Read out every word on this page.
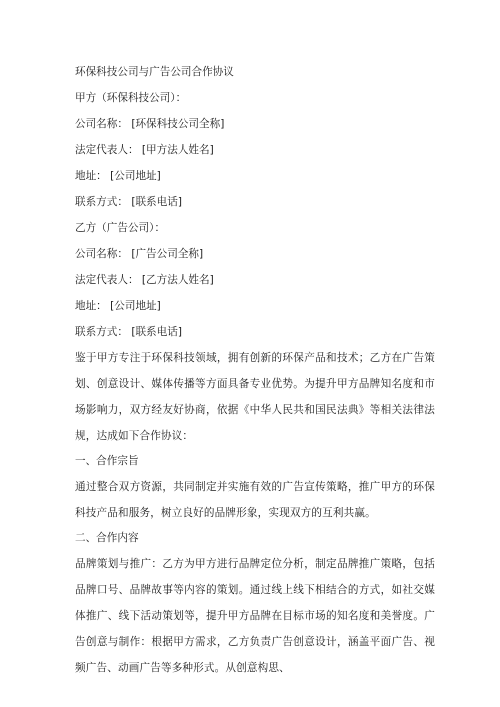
环保科技公司与广告公司合作协议
甲方（环保科技公司）：
公司名称： [环保科技公司全称]
法定代表人： [甲方法人姓名]
地址： [公司地址]
联系方式： [联系电话]
乙方（广告公司）：
公司名称： [广告公司全称]
法定代表人： [乙方法人姓名]
地址： [公司地址]
联系方式： [联系电话]

鉴于甲方专注于环保科技领域，拥有创新的环保产品和技术；乙方在广告策划、创意设计、媒体传播等方面具备专业优势。为提升甲方品牌知名度和市场影响力，双方经友好协商，依据《中华人民共和国民法典》等相关法律法规，达成如下合作协议：

一、合作宗旨

通过整合双方资源，共同制定并实施有效的广告宣传策略，推广甲方的环保科技产品和服务，树立良好的品牌形象，实现双方的互利共赢。

二、合作内容

品牌策划与推广：乙方为甲方进行品牌定位分析，制定品牌推广策略，包括品牌口号、品牌故事等内容的策划。通过线上线下相结合的方式，如社交媒体推广、线下活动策划等，提升甲方品牌在目标市场的知名度和美誉度。广告创意与制作：根据甲方需求，乙方负责广告创意设计，涵盖平面广告、视频广告、动画广告等多种形式。从创意构思、
